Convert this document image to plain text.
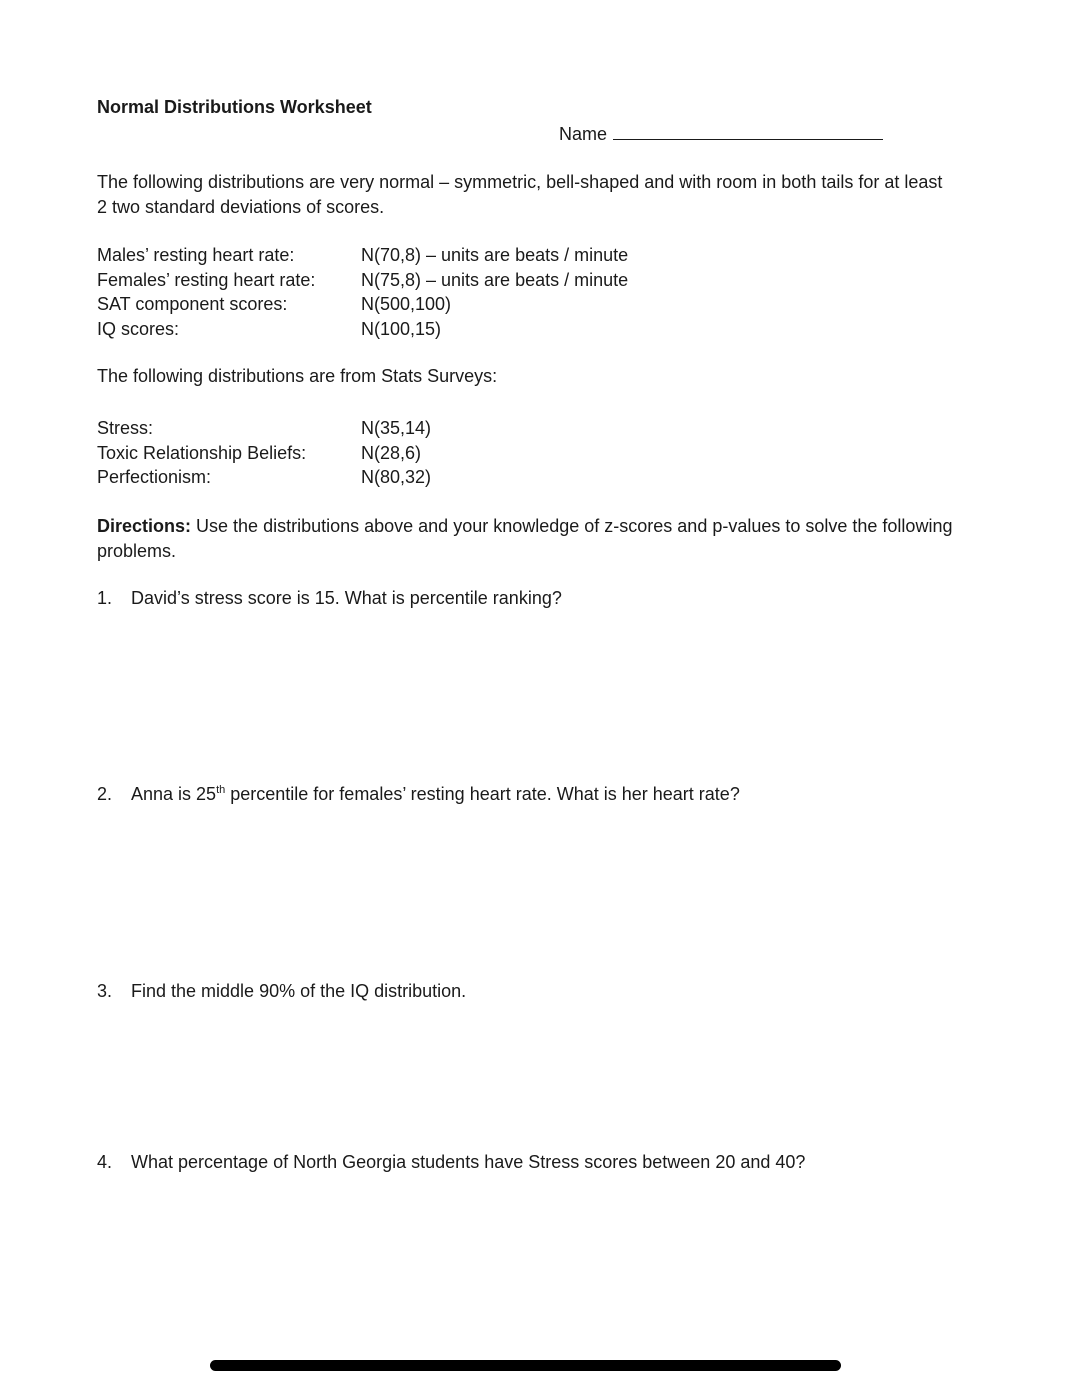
Normal Distributions Worksheet
Name
The following distributions are very normal – symmetric, bell-shaped and with room in both tails for at least 2 two standard deviations of scores.
Males’ resting heart rate:	N(70,8) – units are beats / minute
Females’ resting heart rate:	N(75,8) – units are beats / minute
SAT component scores:	N(500,100)
IQ scores:	N(100,15)
The following distributions are from Stats Surveys:
Stress:	N(35,14)
Toxic Relationship Beliefs:	N(28,6)
Perfectionism:	N(80,32)
Directions: Use the distributions above and your knowledge of z-scores and p-values to solve the following problems.
1.	David’s stress score is 15. What is percentile ranking?
2.	Anna is 25th percentile for females’ resting heart rate. What is her heart rate?
3.	Find the middle 90% of the IQ distribution.
4.	What percentage of North Georgia students have Stress scores between 20 and 40?
